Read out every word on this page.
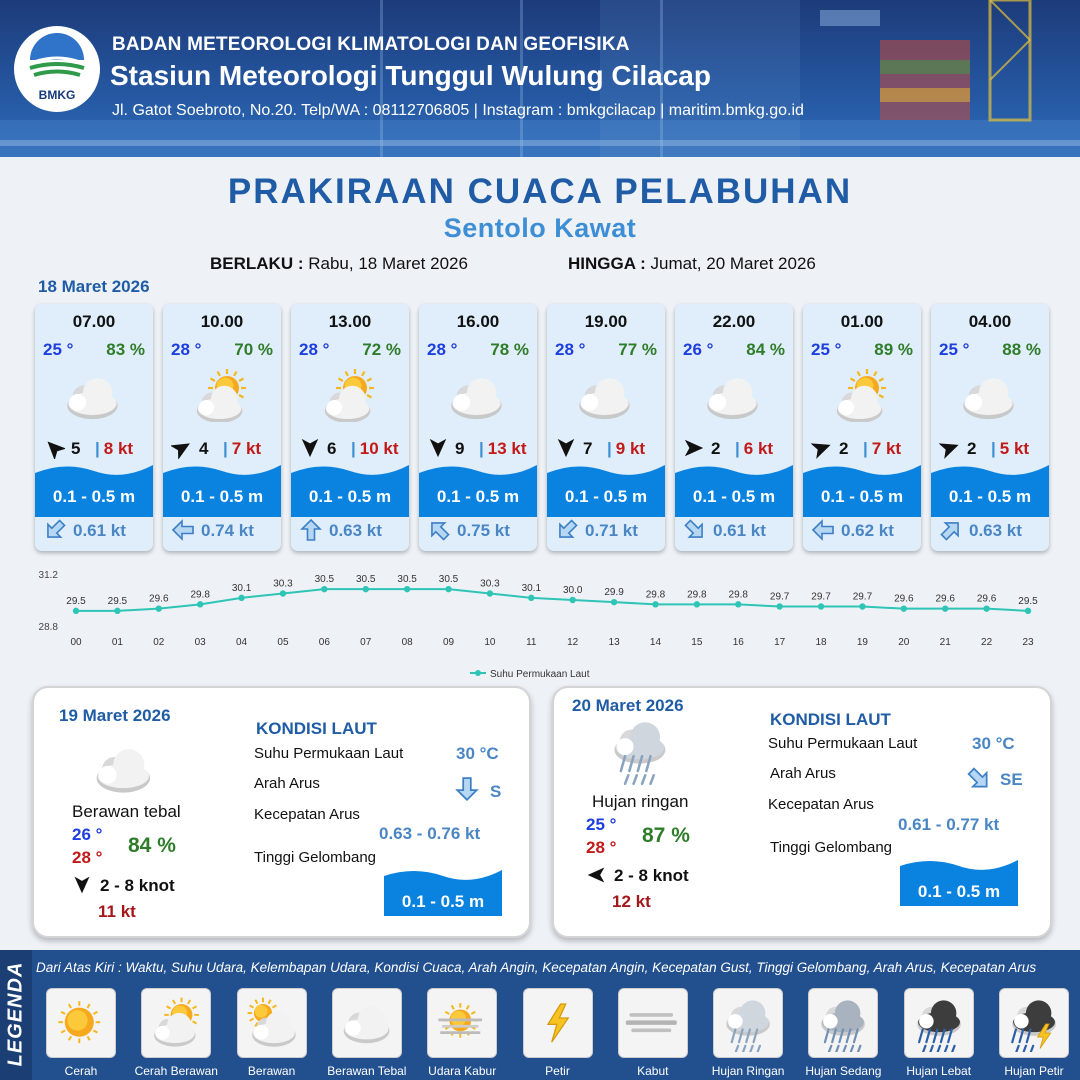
BMKG
BADAN METEOROLOGI KLIMATOLOGI DAN GEOFISIKA
Stasiun Meteorologi Tunggul Wulung Cilacap
Jl. Gatot Soebroto, No.20. Telp/WA : 08112706805 | Instagram : bmkgcilacap | maritim.bmkg.go.id
PRAKIRAAN CUACA PELABUHAN
Sentolo Kawat
BERLAKU : Rabu, 18 Maret 2026	HINGGA : Jumat, 20 Maret 2026
18 Maret 2026
07.00
25 ° 83 %
5 | 8 kt
0.1 - 0.5 m
0.61 kt
10.00
28 ° 70 %
4 | 7 kt
0.1 - 0.5 m
0.74 kt
13.00
28 ° 72 %
6 | 10 kt
0.1 - 0.5 m
0.63 kt
16.00
28 ° 78 %
9 | 13 kt
0.1 - 0.5 m
0.75 kt
19.00
28 ° 77 %
7 | 9 kt
0.1 - 0.5 m
0.71 kt
22.00
26 ° 84 %
2 | 6 kt
0.1 - 0.5 m
0.61 kt
01.00
25 ° 89 %
2 | 7 kt
0.1 - 0.5 m
0.62 kt
04.00
25 ° 88 %
2 | 5 kt
0.1 - 0.5 m
0.63 kt
31.2
28.8
29.5 29.5 29.6 29.8
30.1 30.3 30.5 30.5 30.5 30.5 30.3 30.1 30.0 29.9 29.8 29.8 29.8 29.7 29.7 29.7 29.6 29.6 29.6 29.5
00	01	02	03	04	05	06	07	08	09	10	11	12	13	14	15	16	17	18	19	20	21	22	23
Suhu Permukaan Laut
19 Maret 2026
Berawan tebal
26 °
28 °
84 %
2 - 8 knot
11 kt
KONDISI LAUT
Suhu Permukaan Laut	30 °C
Arah Arus	S
Kecepatan Arus
0.63 - 0.76 kt
Tinggi Gelombang
0.1 - 0.5 m
20 Maret 2026
Hujan ringan
25 °
28 °
87 %
2 - 8 knot
12 kt
KONDISI LAUT
Suhu Permukaan Laut	30 °C
Arah Arus	SE
Kecepatan Arus
0.61 - 0.77 kt
Tinggi Gelombang
0.1 - 0.5 m
LEGENDA Dari Atas Kiri : Waktu, Suhu Udara, Kelembapan Udara, Kondisi Cuaca, Arah Angin, Kecepatan Angin, Kecepatan Gust, Tinggi Gelombang, Arah Arus, Kecepatan Arus
Cerah	Cerah Berawan	Berawan	Berawan Tebal	Udara Kabur	Petir	Kabut	Hujan Ringan	Hujan Sedang	Hujan Lebat	Hujan Petir
